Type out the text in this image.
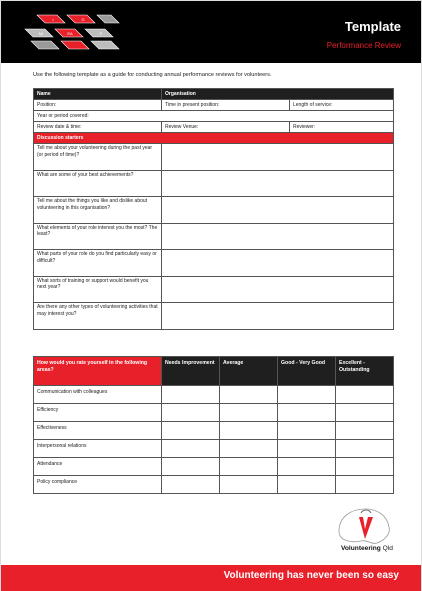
I	G
MI	EA	P	Template
Performance Review
Use the following template as a guide for conducting annual performance reviews for volunteers.
Name	Organisation	
Position:	Time in present position:	Length of service:
Year or period covered:		
Review date & time:	Review Venue:	Reviewer:
Discussion starters		
Tell me about your volunteering during the past year (or period of time)?		
What are some of your best achievements?		
Tell me about the things you like and dislike about volunteering in this organisation?		
What elements of your role interest you the most? The least?		
What parts of your role do you find particularly easy or difficult?		
What sorts of training or support would benefit you next year?		
Are there any other types of volunteering activities that may interest you?		
How would you rate yourself in the following areas?	Needs Improvement	Average	Good - Very Good	Excellent - Outstanding
Communication with colleagues				
Efficiency				
Effectiveness				
Interpersonal relations				
Attendance				
Policy compliance				
Volunteering Qld
Volunteering has never been so easy
